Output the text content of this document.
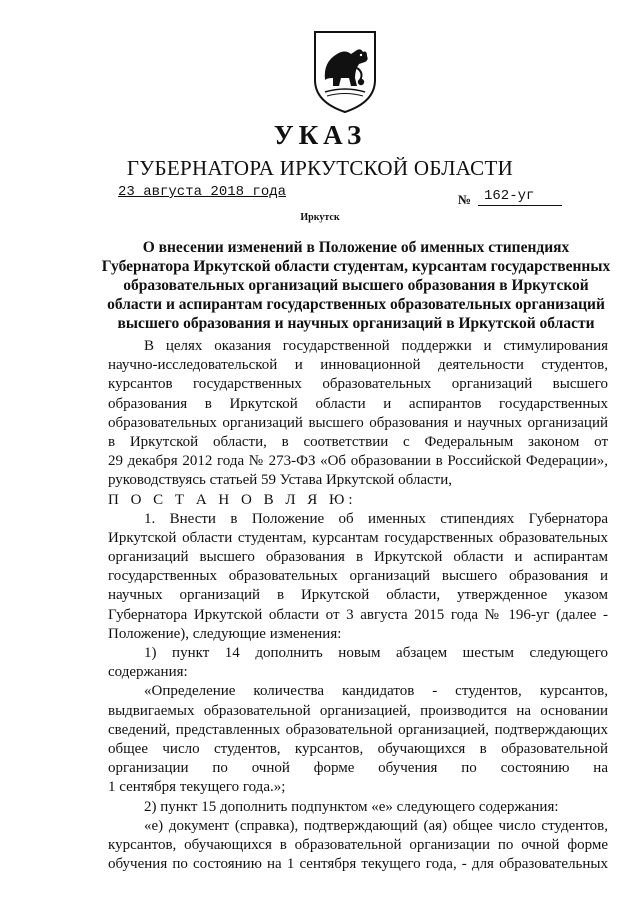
УКАЗ
ГУБЕРНАТОРА ИРКУТСКОЙ ОБЛАСТИ
23 августа 2018 года	№ 162-уг
Иркутск
О внесении изменений в Положение об именных стипендиях
Губернатора Иркутской области студентам, курсантам государственных
образовательных организаций высшего образования в Иркутской
области и аспирантам государственных образовательных организаций
высшего образования и научных организаций в Иркутской области
В целях оказания государственной поддержки и стимулирования
научно-исследовательской и инновационной деятельности студентов,
курсантов государственных образовательных организаций высшего
образования в Иркутской области и аспирантов государственных
образовательных организаций высшего образования и научных организаций
в Иркутской области, в соответствии с Федеральным законом от
29 декабря 2012 года № 273-ФЗ «Об образовании в Российской Федерации»,
руководствуясь статьей 59 Устава Иркутской области,
П О С Т А Н О В Л Я Ю:
1. Внести в Положение об именных стипендиях Губернатора
Иркутской области студентам, курсантам государственных образовательных
организаций высшего образования в Иркутской области и аспирантам
государственных образовательных организаций высшего образования и
научных организаций в Иркутской области, утвержденное указом
Губернатора Иркутской области от 3 августа 2015 года № 196-уг (далее -
Положение), следующие изменения:
1) пункт 14 дополнить новым абзацем шестым следующего
содержания:
«Определение количества кандидатов - студентов, курсантов,
выдвигаемых образовательной организацией, производится на основании
сведений, представленных образовательной организацией, подтверждающих
общее число студентов, курсантов, обучающихся в образовательной
организации по очной форме обучения по состоянию на
1 сентября текущего года.»;
2) пункт 15 дополнить подпунктом «е» следующего содержания:
«е) документ (справка), подтверждающий (ая) общее число студентов,
курсантов, обучающихся в образовательной организации по очной форме
обучения по состоянию на 1 сентября текущего года, - для образовательных
